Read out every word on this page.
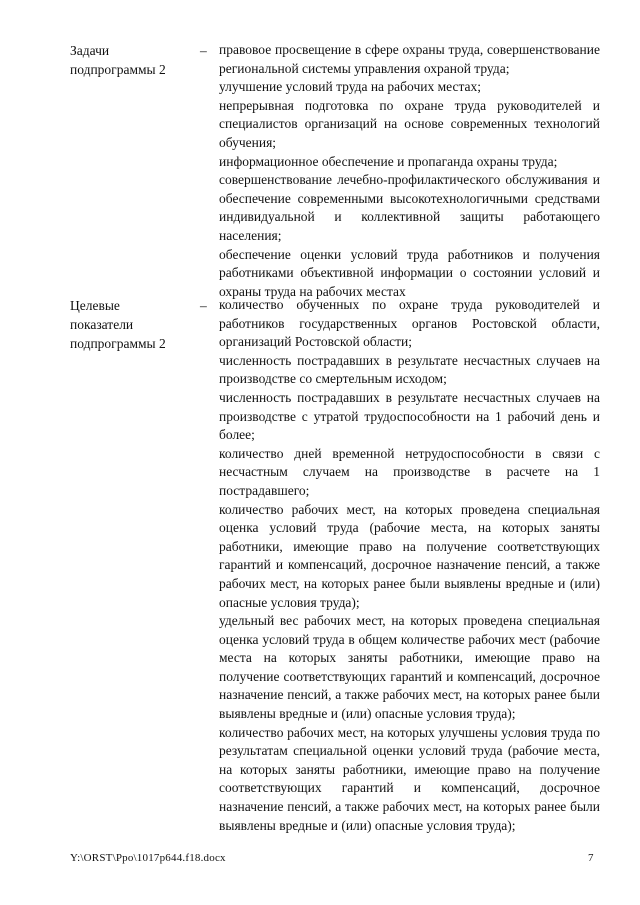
Задачи
подпрограммы 2
– правовое просвещение в сфере охраны труда, совершенствование региональной системы управления охраной труда;

улучшение условий труда на рабочих местах;

непрерывная подготовка по охране труда руководителей и специалистов организаций на основе современных технологий обучения;

информационное обеспечение и пропаганда охраны труда;

совершенствование лечебно-профилактического обслуживания и обеспечение современными высокотехнологичными средствами индивидуальной и коллективной защиты работающего населения;

обеспечение оценки условий труда работников и получения работниками объективной информации о состоянии условий и охраны труда на рабочих местах

Целевые
показатели
подпрограммы 2
– количество обученных по охране труда руководителей и работников государственных органов Ростовской области, организаций Ростовской области;

численность пострадавших в результате несчастных случаев на производстве со смертельным исходом;

численность пострадавших в результате несчастных случаев на производстве с утратой трудоспособности на 1 рабочий день и более;

количество дней временной нетрудоспособности в связи с несчастным случаем на производстве в расчете на 1 пострадавшего;

количество рабочих мест, на которых проведена специальная оценка условий труда (рабочие места, на которых заняты работники, имеющие право на получение соответствующих гарантий и компенсаций, досрочное назначение пенсий, а также рабочих мест, на которых ранее были выявлены вредные и (или) опасные условия труда);

удельный вес рабочих мест, на которых проведена специальная оценка условий труда в общем количестве рабочих мест (рабочие места на которых заняты работники, имеющие право на получение соответствующих гарантий и компенсаций, досрочное назначение пенсий, а также рабочих мест, на которых ранее были выявлены вредные и (или) опасные условия труда);

количество рабочих мест, на которых улучшены условия труда по результатам специальной оценки условий труда (рабочие места, на которых заняты работники, имеющие право на получение соответствующих гарантий и компенсаций, досрочное назначение пенсий, а также рабочих мест, на которых ранее были выявлены вредные и (или) опасные условия труда);

Y:\ORST\Ppo\1017p644.f18.docx	7
